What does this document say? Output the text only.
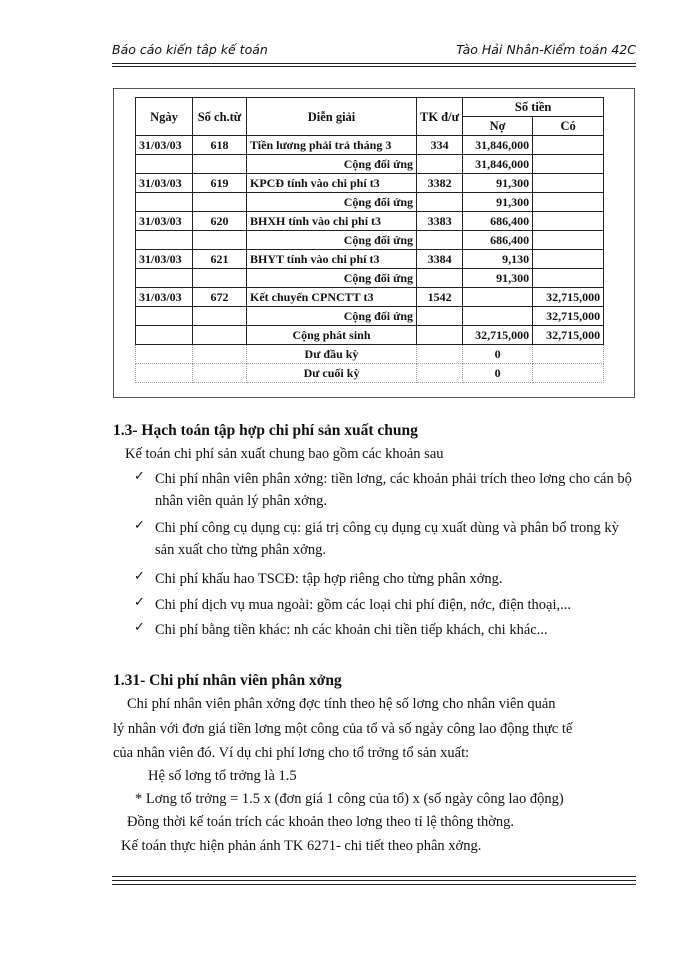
Báo cáo kiến tâp kế toán	Tào Hải Nhân-Kiểm toán 42C
Ngày	Số ch.từ	Diễn giải	TK đ/ư	Số tiền	
				Nợ	Có
31/03/03	618	Tiền lương phải trả tháng 3	334	31,846,000	
		Cộng đối ứng		31,846,000	
31/03/03	619	KPCĐ tính vào chi phí t3	3382	91,300	
		Cộng đối ứng		91,300	
31/03/03	620	BHXH tính vào chi phí t3	3383	686,400	
		Cộng đối ứng		686,400	
31/03/03	621	BHYT tính vào chi phí t3	3384	9,130	
		Cộng đối ứng		91,300	
31/03/03	672	Kết chuyển CPNCTT t3	1542		32,715,000
		Cộng đối ứng			32,715,000
		Cộng phát sinh		32,715,000	32,715,000
		Dư đầu kỳ		0	
		Dư cuối kỳ		0	
1.3- Hạch toán tập hợp chi phí sản xuất chung
Kế toán chi phí sản xuất chung bao gồm các khoản sau
✓ Chi phí nhân viên phân xởng: tiền lơng, các khoản phải trích theo lơng cho cán bộ nhân viên quản lý phân xởng.
✓ Chi phí công cụ dụng cụ: giá trị công cụ dụng cụ xuất dùng và phân bổ trong kỳ sản xuất cho từng phân xởng.
✓ Chi phí khấu hao TSCĐ: tập hợp riêng cho từng phân xởng.
✓ Chi phí dịch vụ mua ngoài: gồm các loại chi phí điện, nớc, điện thoại,...
✓ Chi phí bằng tiền khác: nh các khoản chi tiền tiếp khách, chi khác...
1.31- Chi phí nhân viên phân xởng
Chi phí nhân viên phân xởng đợc tính theo hệ số lơng cho nhân viên quản
lý nhân với đơn giá tiền lơng một công của tổ và số ngày công lao động thực tế
của nhân viên đó. Ví dụ chi phí lơng cho tổ trởng tổ sản xuất:
Hệ số lơng tổ trởng là 1.5
* Lơng tổ trởng = 1.5 x (đơn giá 1 công của tổ) x (số ngày công lao động)
Đồng thời kế toán trích các khoản theo lơng theo tỉ lệ thông thờng.
Kế toán thực hiện phản ánh TK 6271- chi tiết theo phân xởng.
